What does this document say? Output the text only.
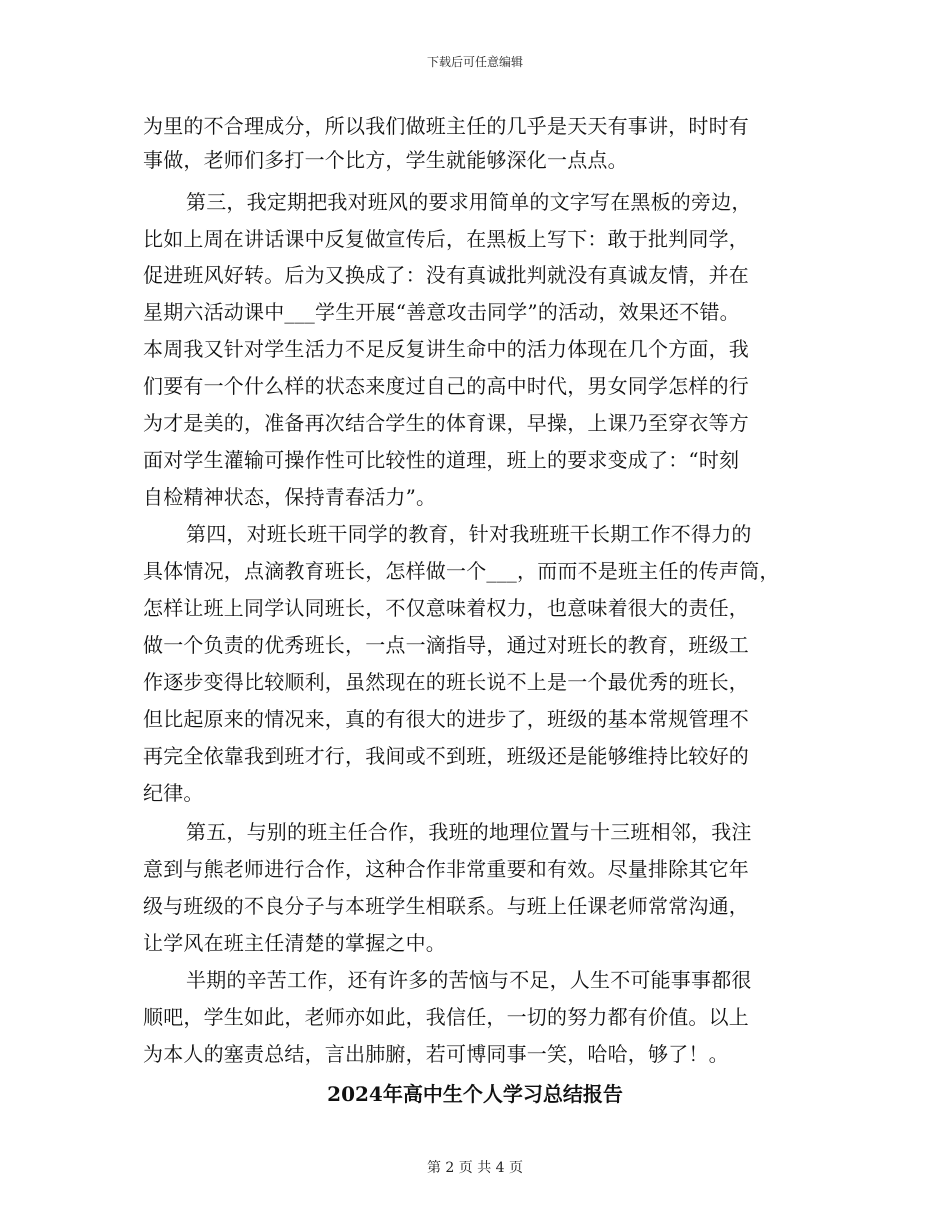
下载后可任意编辑
为里的不合理成分，所以我们做班主任的几乎是天天有事讲，时时有
事做，老师们多打一个比方，学生就能够深化一点点。
第三，我定期把我对班风的要求用简单的文字写在黑板的旁边，
比如上周在讲话课中反复做宣传后，在黑板上写下：敢于批判同学，
促进班风好转。后为又换成了：没有真诚批判就没有真诚友情，并在
星期六活动课中___学生开展“善意攻击同学”的活动，效果还不错。
本周我又针对学生活力不足反复讲生命中的活力体现在几个方面，我
们要有一个什么样的状态来度过自己的高中时代，男女同学怎样的行
为才是美的，准备再次结合学生的体育课，早操，上课乃至穿衣等方
面对学生灌输可操作性可比较性的道理，班上的要求变成了：“时刻
自检精神状态，保持青春活力”。
第四，对班长班干同学的教育，针对我班班干长期工作不得力的
具体情况，点滴教育班长，怎样做一个___，而而不是班主任的传声筒，
怎样让班上同学认同班长，不仅意味着权力，也意味着很大的责任，
做一个负责的优秀班长，一点一滴指导，通过对班长的教育，班级工
作逐步变得比较顺利，虽然现在的班长说不上是一个最优秀的班长，
但比起原来的情况来，真的有很大的进步了，班级的基本常规管理不
再完全依靠我到班才行，我间或不到班，班级还是能够维持比较好的
纪律。
第五，与别的班主任合作，我班的地理位置与十三班相邻，我注
意到与熊老师进行合作，这种合作非常重要和有效。尽量排除其它年
级与班级的不良分子与本班学生相联系。与班上任课老师常常沟通，
让学风在班主任清楚的掌握之中。
半期的辛苦工作，还有许多的苦恼与不足，人生不可能事事都很
顺吧，学生如此，老师亦如此，我信任，一切的努力都有价值。以上
为本人的塞责总结，言出肺腑，若可博同事一笑，哈哈，够了！。
2024年高中生个人学习总结报告
第 2 页 共 4 页
